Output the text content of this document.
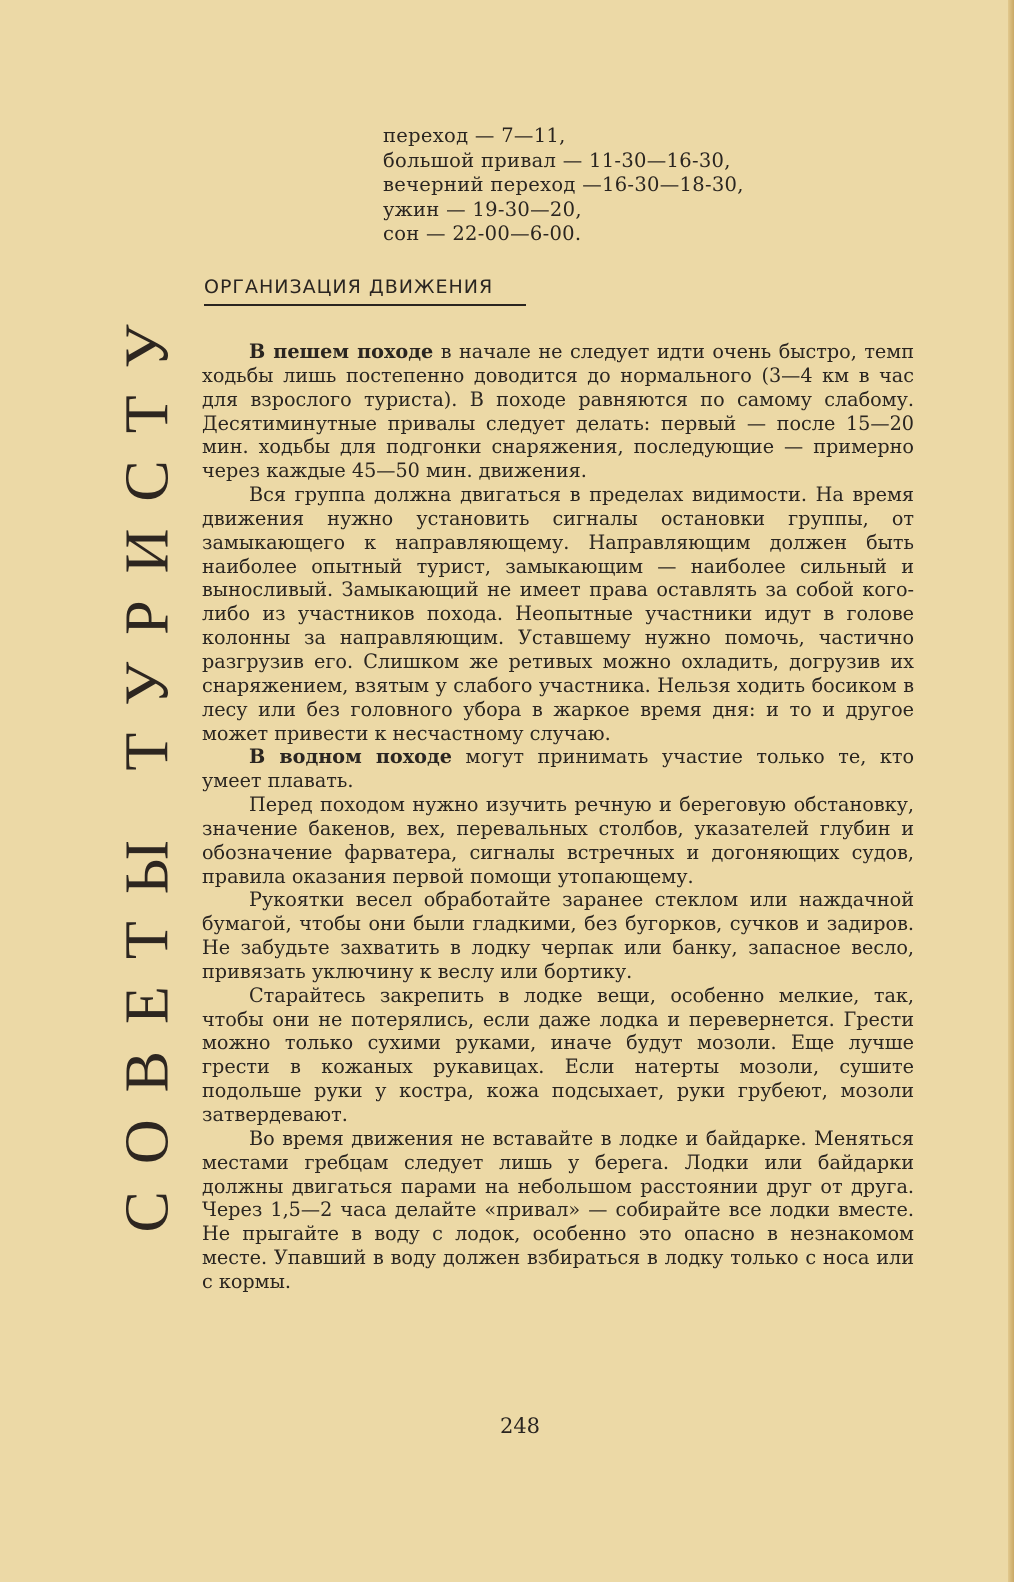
СОВЕТЫ ТУРИСТУ
переход — 7—11,
большой привал — 11-30—16-30,
вечерний переход —16-30—18-30,
ужин — 19-30—20,
сон — 22-00—6-00.
ОРГАНИЗАЦИЯ ДВИЖЕНИЯ

В пешем походе в начале не следует идти очень быстро, темп ходьбы лишь постепенно доводится до нормального (3—4 км в час для взрослого туриста). В походе равняются по самому слабому. Десятиминутные привалы следует делать: первый — после 15—20 мин. ходьбы для подгонки снаряжения, последующие — примерно через каждые 45—50 мин. движения.

Вся группа должна двигаться в пределах видимости. На время движения нужно установить сигналы остановки группы, от замыкающего к направляющему. Направляющим должен быть наиболее опытный турист, замыкающим — наиболее сильный и выносливый. Замыкающий не имеет права оставлять за собой кого-либо из участников похода. Неопытные участники идут в голове колонны за направляющим. Уставшему нужно помочь, частично разгрузив его. Слишком же ретивых можно охладить, догрузив их снаряжением, взятым у слабого участника. Нельзя ходить босиком в лесу или без головного убора в жаркое время дня: и то и другое может привести к несчастному случаю.

В водном походе могут принимать участие только те, кто умеет плавать.

Перед походом нужно изучить речную и береговую обстановку, значение бакенов, вех, перевальных столбов, указателей глубин и обозначение фарватера, сигналы встречных и догоняющих судов, правила оказания первой помощи утопающему.

Рукоятки весел обработайте заранее стеклом или наждачной бумагой, чтобы они были гладкими, без бугорков, сучков и задиров. Не забудьте захватить в лодку черпак или банку, запасное весло, привязать уключину к веслу или бортику.

Старайтесь закрепить в лодке вещи, особенно мелкие, так, чтобы они не потерялись, если даже лодка и перевернется. Грести можно только сухими руками, иначе будут мозоли. Еще лучше грести в кожаных рукавицах. Если натерты мозоли, сушите подольше руки у костра, кожа подсыхает, руки грубеют, мозоли затвердевают.

Во время движения не вставайте в лодке и байдарке. Меняться местами гребцам следует лишь у берега. Лодки или байдарки должны двигаться парами на небольшом расстоянии друг от друга. Через 1,5—2 часа делайте «привал» — собирайте все лодки вместе. Не прыгайте в воду с лодок, особенно это опасно в незнакомом месте. Упавший в воду должен взбираться в лодку только с носа или с кормы.

248
